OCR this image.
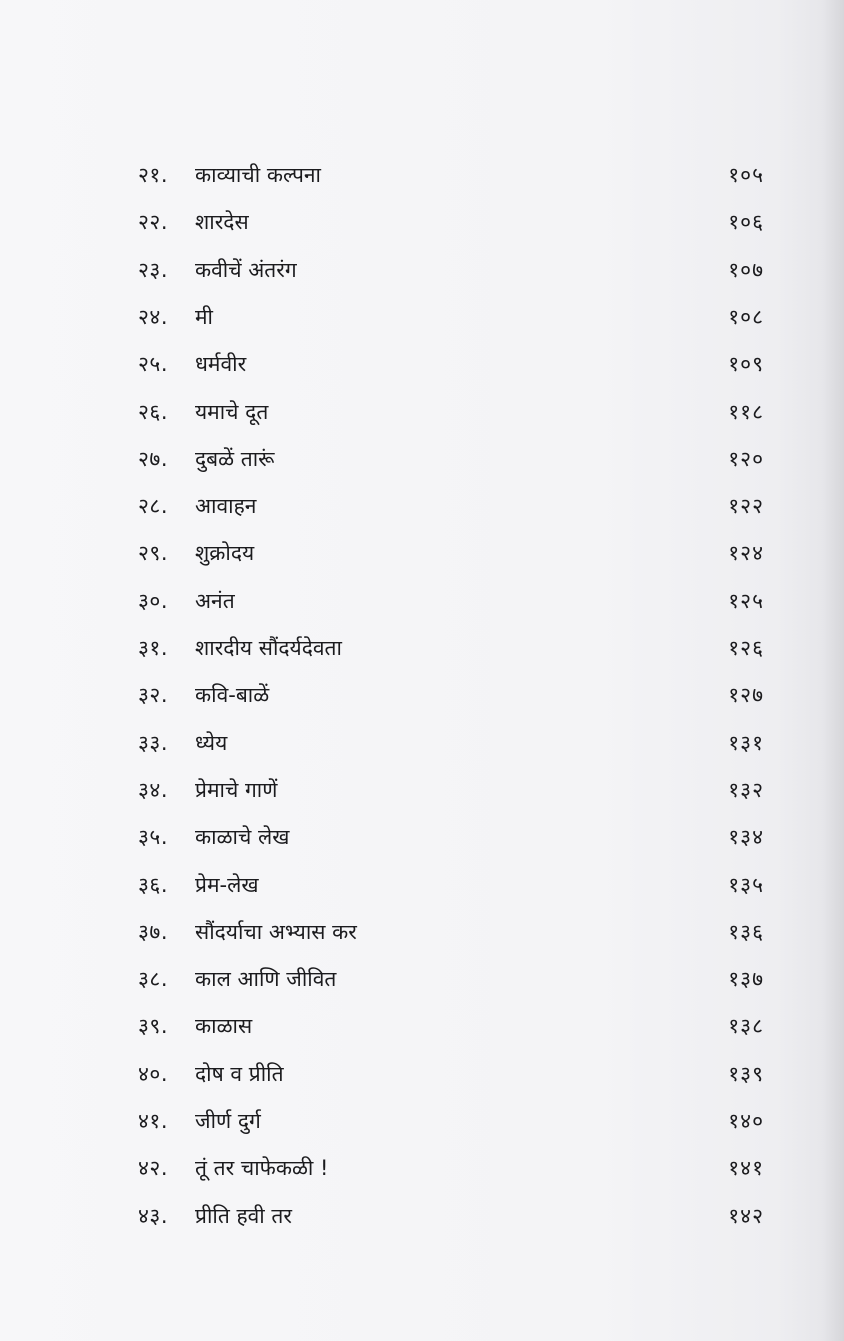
२१. काव्याची कल्पना	१०५
२२. शारदेस	१०६
२३. कवीचें अंतरंग	१०७
२४. मी	१०८
२५. धर्मवीर	१०९
२६. यमाचे दूत	११८
२७. दुबळें तारूं	१२०
२८. आवाहन	१२२
२९. शुक्रोदय	१२४
३०. अनंत	१२५
३१. शारदीय सौंदर्यदेवता	१२६
३२. कवि-बाळें	१२७
३३. ध्येय	१३१
३४. प्रेमाचे गाणें	१३२
३५. काळाचे लेख	१३४
३६. प्रेम-लेख	१३५
३७. सौंदर्याचा अभ्यास कर	१३६
३८. काल आणि जीवित	१३७
३९. काळास	१३८
४०. दोष व प्रीति	१३९
४१. जीर्ण दुर्ग	१४०
४२. तूं तर चाफेकळी !	१४१
४३. प्रीति हवी तर	१४२
